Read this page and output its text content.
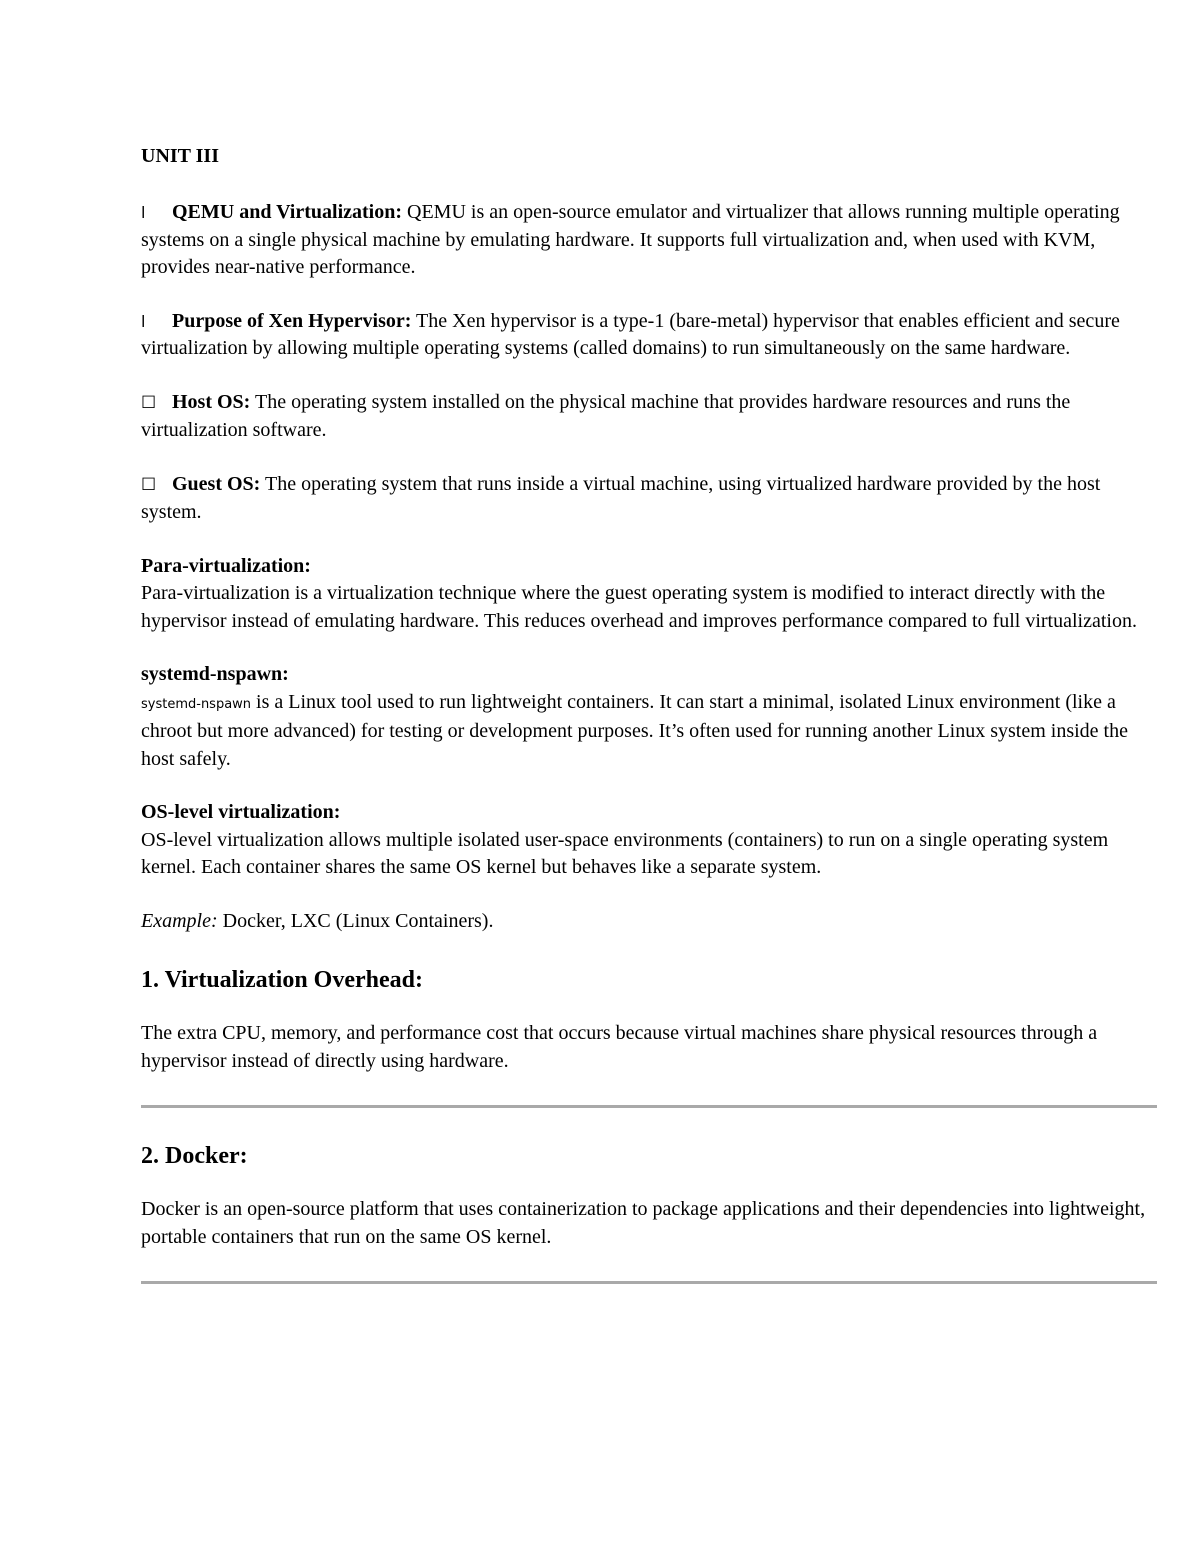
UNIT III

l QEMU and Virtualization: QEMU is an open-source emulator and virtualizer that allows running multiple operating systems on a single physical machine by emulating hardware. It supports full virtualization and, when used with KVM, provides near-native performance.

l Purpose of Xen Hypervisor: The Xen hypervisor is a type-1 (bare-metal) hypervisor that enables efficient and secure virtualization by allowing multiple operating systems (called domains) to run simultaneously on the same hardware.

☐ Host OS: The operating system installed on the physical machine that provides hardware resources and runs the virtualization software.

☐ Guest OS: The operating system that runs inside a virtual machine, using virtualized hardware provided by the host system.

Para-virtualization:
Para-virtualization is a virtualization technique where the guest operating system is modified to interact directly with the hypervisor instead of emulating hardware. This reduces overhead and improves performance compared to full virtualization.

systemd-nspawn:
systemd-nspawn is a Linux tool used to run lightweight containers. It can start a minimal, isolated Linux environment (like a chroot but more advanced) for testing or development purposes. It’s often used for running another Linux system inside the host safely.

OS-level virtualization:
OS-level virtualization allows multiple isolated user-space environments (containers) to run on a single operating system kernel. Each container shares the same OS kernel but behaves like a separate system.

Example: Docker, LXC (Linux Containers).

1. Virtualization Overhead:

The extra CPU, memory, and performance cost that occurs because virtual machines share physical resources through a hypervisor instead of directly using hardware.

2. Docker:

Docker is an open-source platform that uses containerization to package applications and their dependencies into lightweight, portable containers that run on the same OS kernel.
